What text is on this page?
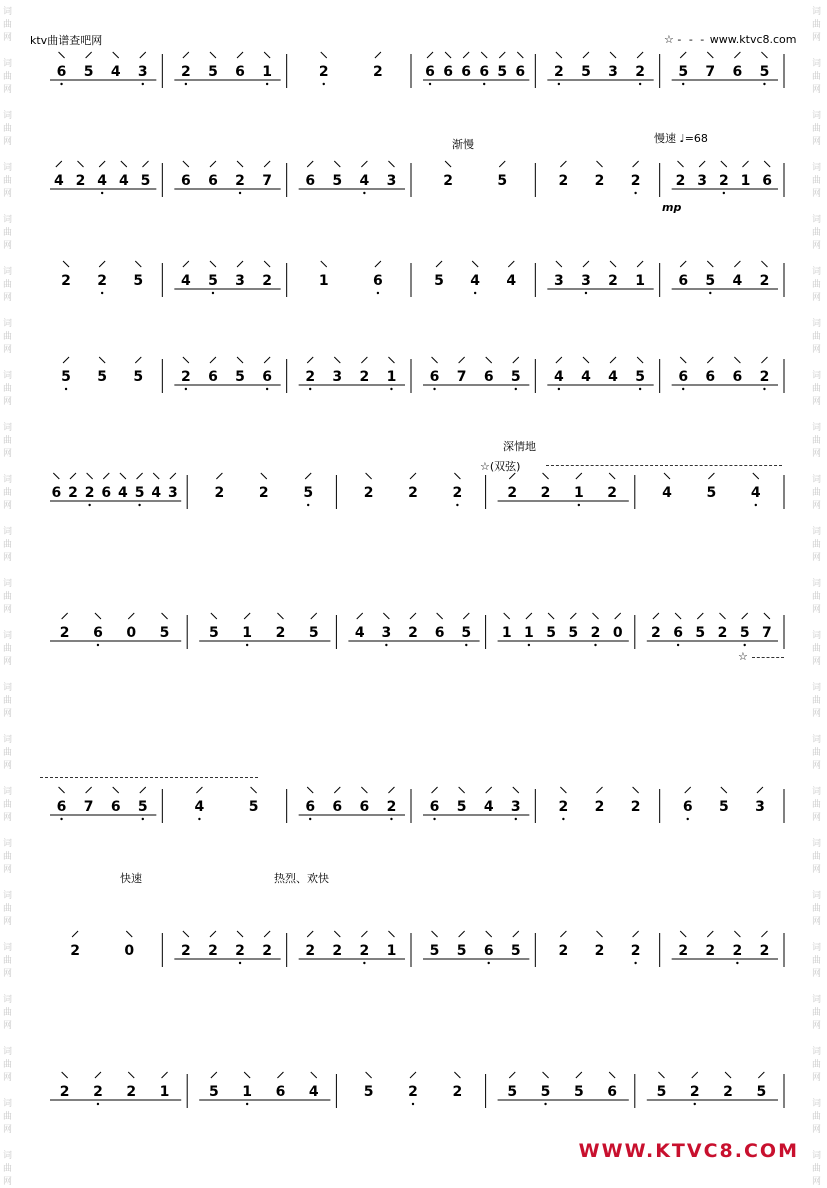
词
曲
网
词
曲
网
词
曲
网
词
曲
网
词
曲
网
词
曲
网
词
曲
网
词
曲
网
词
曲
网
词
曲
网
词
曲
网
词
曲
网
词
曲
网
词
曲
网
词
曲
网
词
曲
网
词
曲
网
词
曲
网
词
曲
网
词
曲
网
词
曲
网
词
曲
网
词
曲
网
词
曲
网
词
曲
网
词
曲
网
词
曲
网
词
曲
网
词
曲
网
词
曲
网
词
曲
网
词
曲
网
词
曲
网
词
曲
网
词
曲
网
词
曲
网
词
曲
网
词
曲
网
词
曲
网
词
曲
网
词
曲
网
词
曲
网
词
曲
网
词
曲
网
词
曲
网
词
曲
网
ktv曲谱查吧网	☆ - - - www.ktvc8.com
渐慢	慢速 ♩=68
mp
深情地
☆(双弦)
☆
快速	热烈、欢快
6 5 4 3 2 5 6 1	2	2	6 6 6 6 5 6 2 5 3 2 5 7 6 5
4 2 4 4 5 6 6 2 7 6 5 4 3	2	5	2 2 2	2 3 2 1 6
2 2 5	4 5 3 2	1	6	5 4 4	3 3 2 1 6 5 4 2
5 5 5	2 6 5 6 2 3 2 1 6 7 6 5 4 4 4 5 6 6 6 2
6 2 2 6 4 5 4 3	2 2 5	2 2 2	2 2 1 2	4 5 4
2 6 0 5	5 1 2 5	4 3 2 6 5 1 1 5 5 2 0 2 6 5 2 5 7
6 7 6 5	4	5	6 6 6 2 6 5 4 3	2 2 2	6 5 3
2	0	2 2 2 2 2 2 2 1 5 5 6 5	2 2 2	2 2 2 2
2 2 2 1	5 1 6 4	5 2 2	5 5 5 6	5 2 2 5
WWW.KTVC8.COM
